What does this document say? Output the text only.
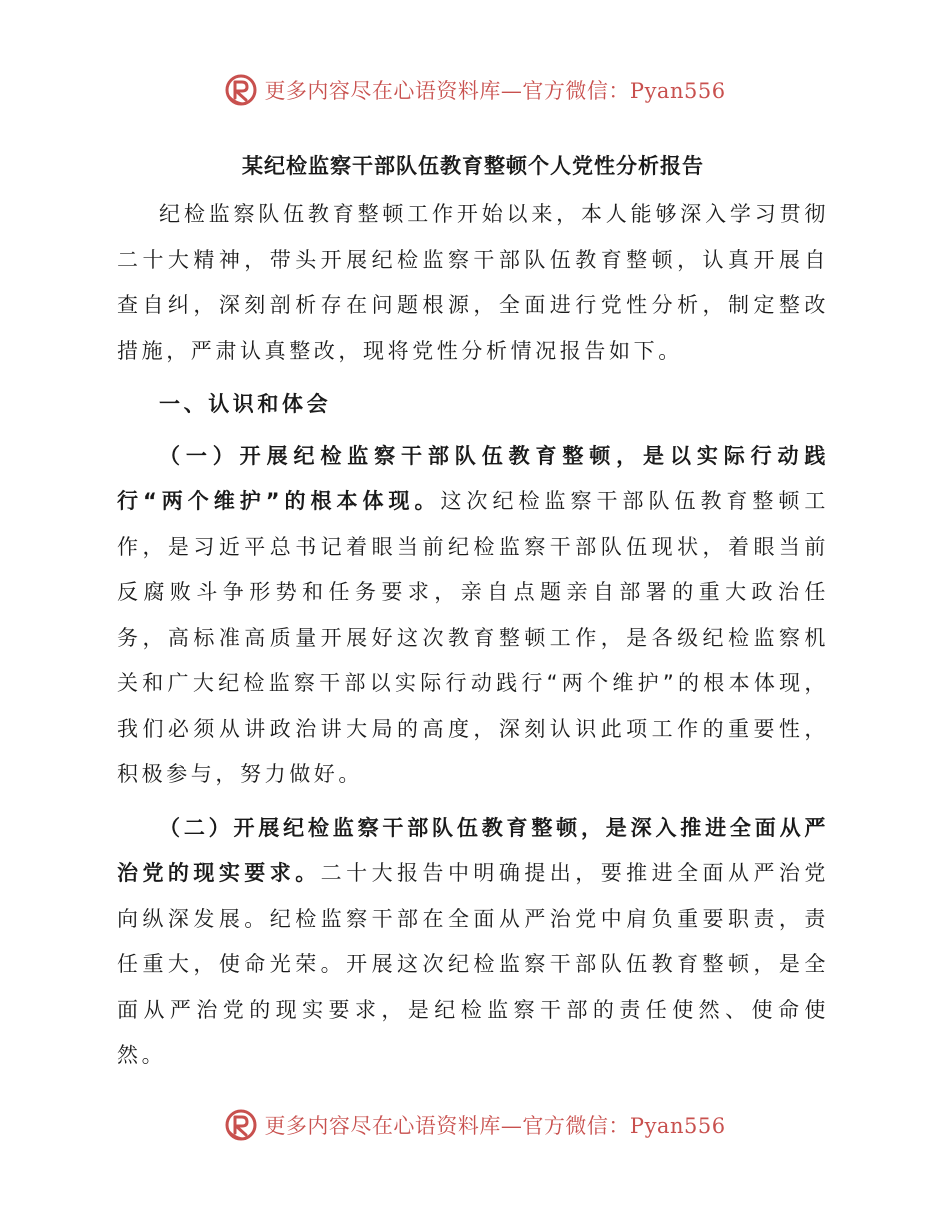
更多内容尽在心语资料库—官方微信：Pyan556
某纪检监察干部队伍教育整顿个人党性分析报告

纪检监察队伍教育整顿工作开始以来，本人能够深入学习贯彻二十大精神，带头开展纪检监察干部队伍教育整顿，认真开展自查自纠，深刻剖析存在问题根源，全面进行党性分析，制定整改措施，严肃认真整改，现将党性分析情况报告如下。

一、认识和体会

（一）开展纪检监察干部队伍教育整顿，是以实际行动践行“两个维护”的根本体现。这次纪检监察干部队伍教育整顿工作，是习近平总书记着眼当前纪检监察干部队伍现状，着眼当前反腐败斗争形势和任务要求，亲自点题亲自部署的重大政治任务，高标准高质量开展好这次教育整顿工作，是各级纪检监察机关和广大纪检监察干部以实际行动践行“两个维护”的根本体现，我们必须从讲政治讲大局的高度，深刻认识此项工作的重要性，积极参与，努力做好。

（二）开展纪检监察干部队伍教育整顿，是深入推进全面从严治党的现实要求。二十大报告中明确提出，要推进全面从严治党向纵深发展。纪检监察干部在全面从严治党中肩负重要职责，责任重大，使命光荣。开展这次纪检监察干部队伍教育整顿，是全面从严治党的现实要求，是纪检监察干部的责任使然、使命使然。

更多内容尽在心语资料库—官方微信：Pyan556
